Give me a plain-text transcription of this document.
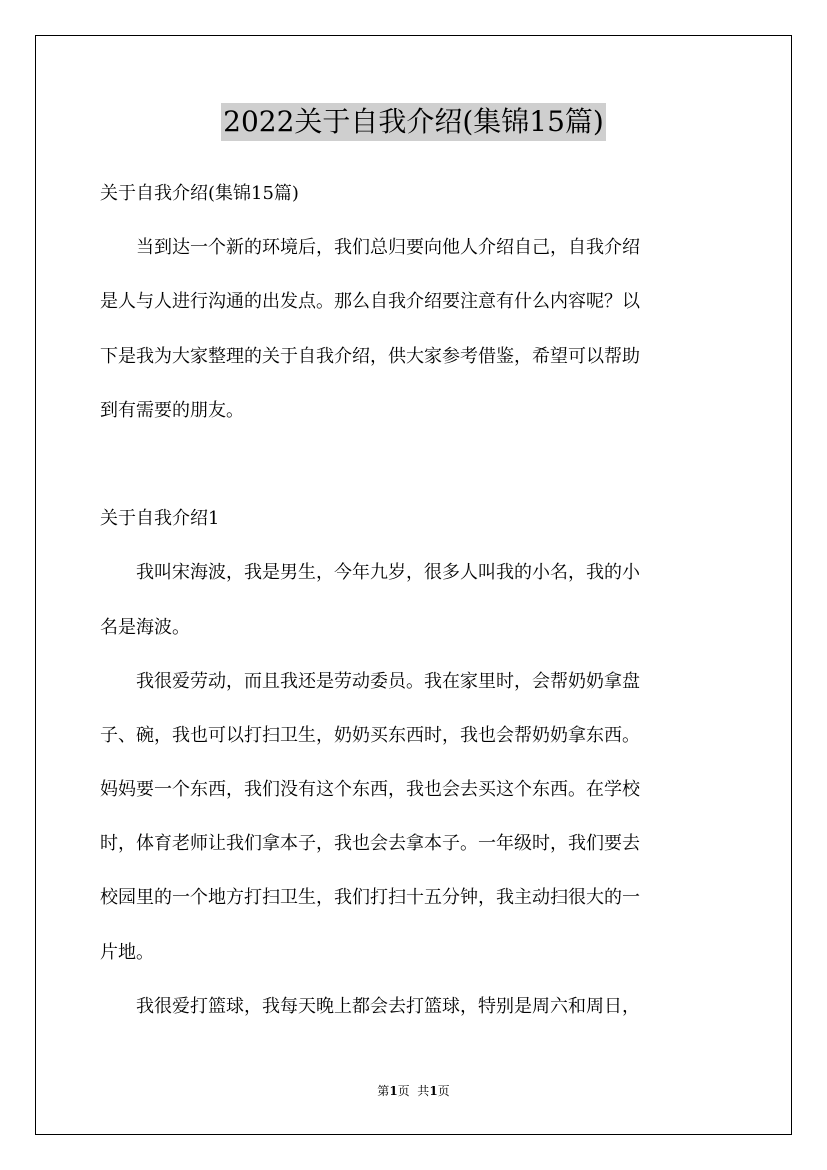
2022关于自我介绍(集锦15篇)
关于自我介绍(集锦15篇)
当到达一个新的环境后，我们总归要向他人介绍自己，自我介绍
是人与人进行沟通的出发点。那么自我介绍要注意有什么内容呢？以
下是我为大家整理的关于自我介绍，供大家参考借鉴，希望可以帮助
到有需要的朋友。
关于自我介绍1
我叫宋海波，我是男生，今年九岁，很多人叫我的小名，我的小
名是海波。
我很爱劳动，而且我还是劳动委员。我在家里时，会帮奶奶拿盘
子、碗，我也可以打扫卫生，奶奶买东西时，我也会帮奶奶拿东西。
妈妈要一个东西，我们没有这个东西，我也会去买这个东西。在学校
时，体育老师让我们拿本子，我也会去拿本子。一年级时，我们要去
校园里的一个地方打扫卫生，我们打扫十五分钟，我主动扫很大的一
片地。
我很爱打篮球，我每天晚上都会去打篮球，特别是周六和周日，
第1页  共1页
